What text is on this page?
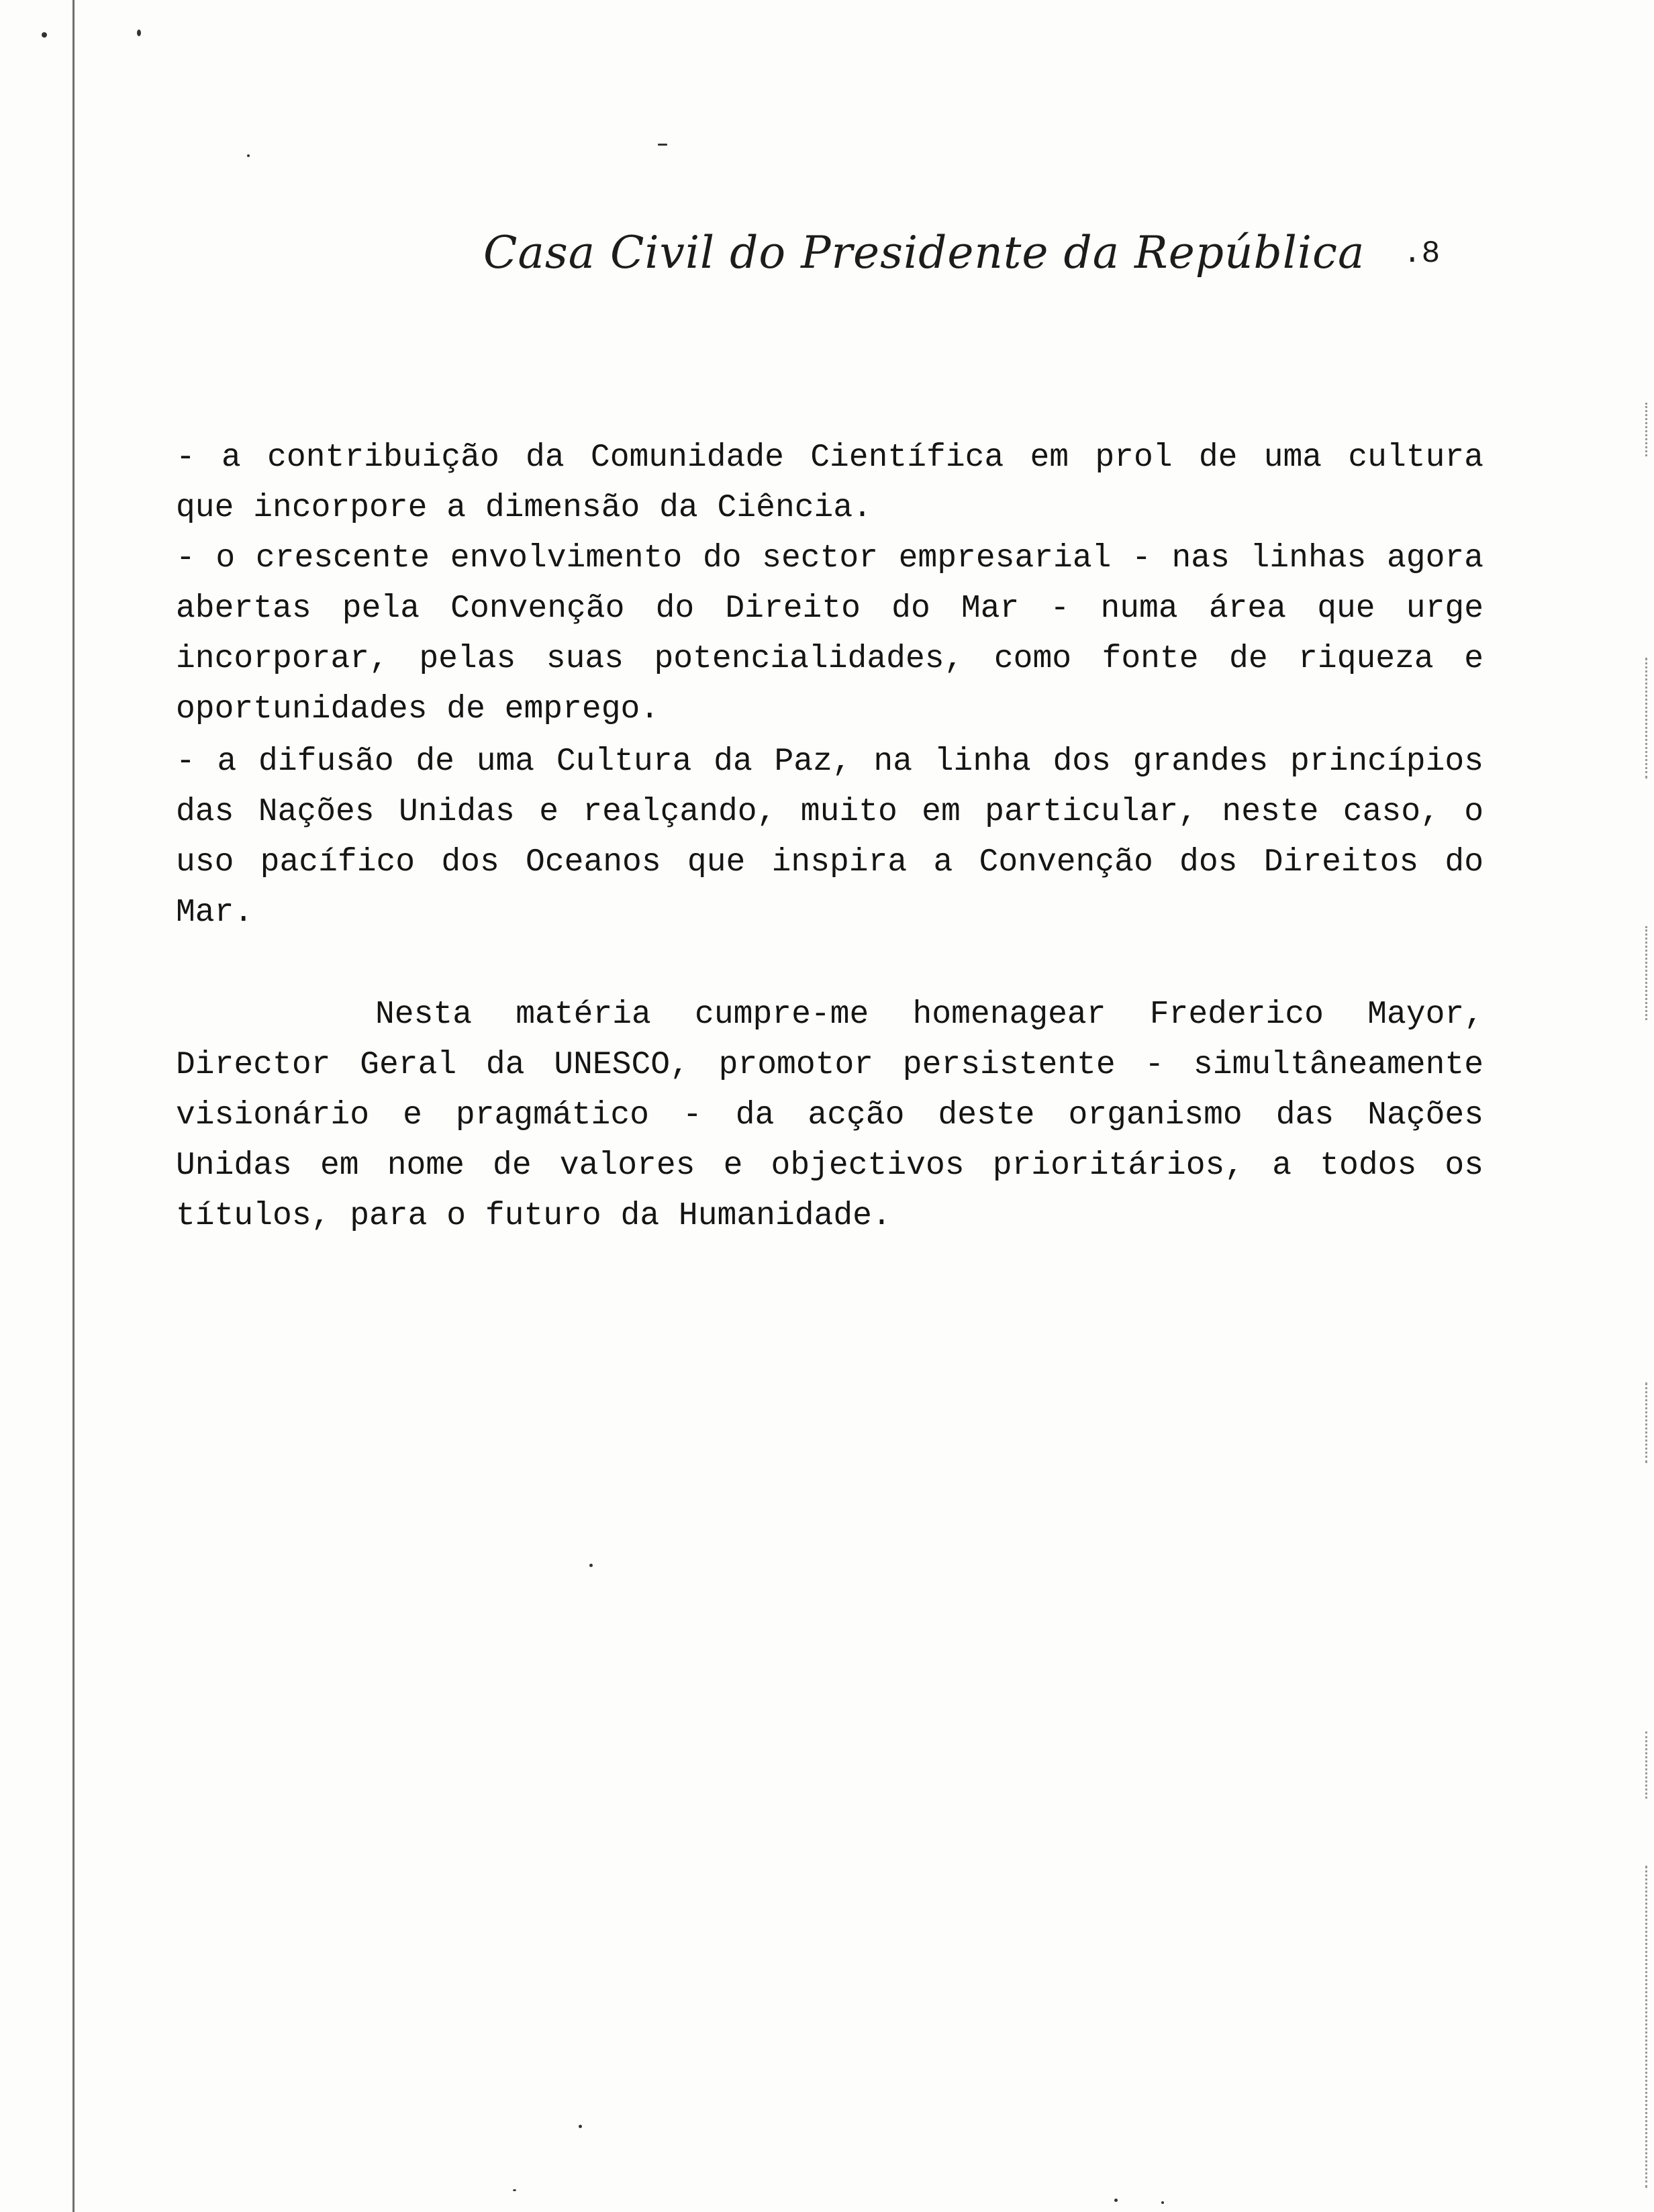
Casa Civil do Presidente da República .8

- a contribuição da Comunidade Científica em prol de uma cultura que incorpore a dimensão da Ciência.

- o crescente envolvimento do sector empresarial - nas linhas agora abertas pela Convenção do Direito do Mar - numa área que urge incorporar, pelas suas potencialidades, como fonte de riqueza e oportunidades de emprego.

- a difusão de uma Cultura da Paz, na linha dos grandes princípios das Nações Unidas e realçando, muito em particular, neste caso, o uso pacífico dos Oceanos que inspira a Convenção dos Direitos do Mar.

Nesta matéria cumpre-me homenagear Frederico Mayor, Director Geral da UNESCO, promotor persistente - simultâneamente visionário e pragmático - da acção deste organismo das Nações Unidas em nome de valores e objectivos prioritários, a todos os títulos, para o futuro da Humanidade.
